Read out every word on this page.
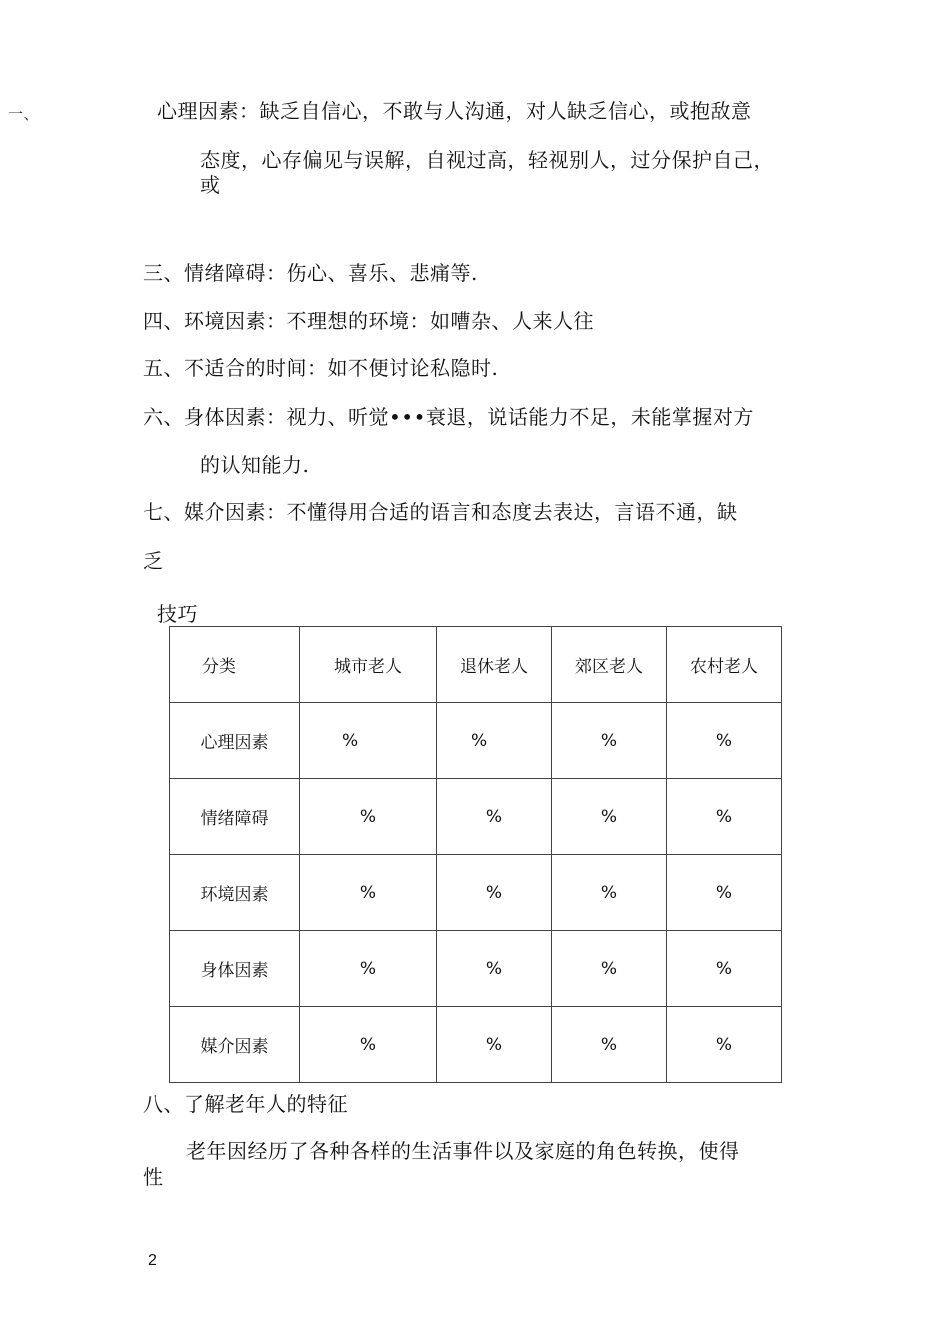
一、	心理因素：缺乏自信心，不敢与人沟通，对人缺乏信心，或抱敌意
态度，心存偏见与误解，自视过高，轻视别人，过分保护自己，
或
三、情绪障碍：伤心、喜乐、悲痛等.
四、环境因素：不理想的环境：如嘈杂、人来人往
五、不适合的时间：如不便讨论私隐时.
六、身体因素：视力、听觉•••衰退，说话能力不足，未能掌握对方
的认知能力.
七、媒介因素：不懂得用合适的语言和态度去表达，言语不通，缺
乏
技巧
分类	城市老人	退休老人	郊区老人	农村老人
心理因素	%	%	%	%
情绪障碍	%	%	%	%
环境因素	%	%	%	%
身体因素	%	%	%	%
媒介因素	%	%	%	%
八、了解老年人的特征
老年因经历了各种各样的生活事件以及家庭的角色转换，使得
性
2
